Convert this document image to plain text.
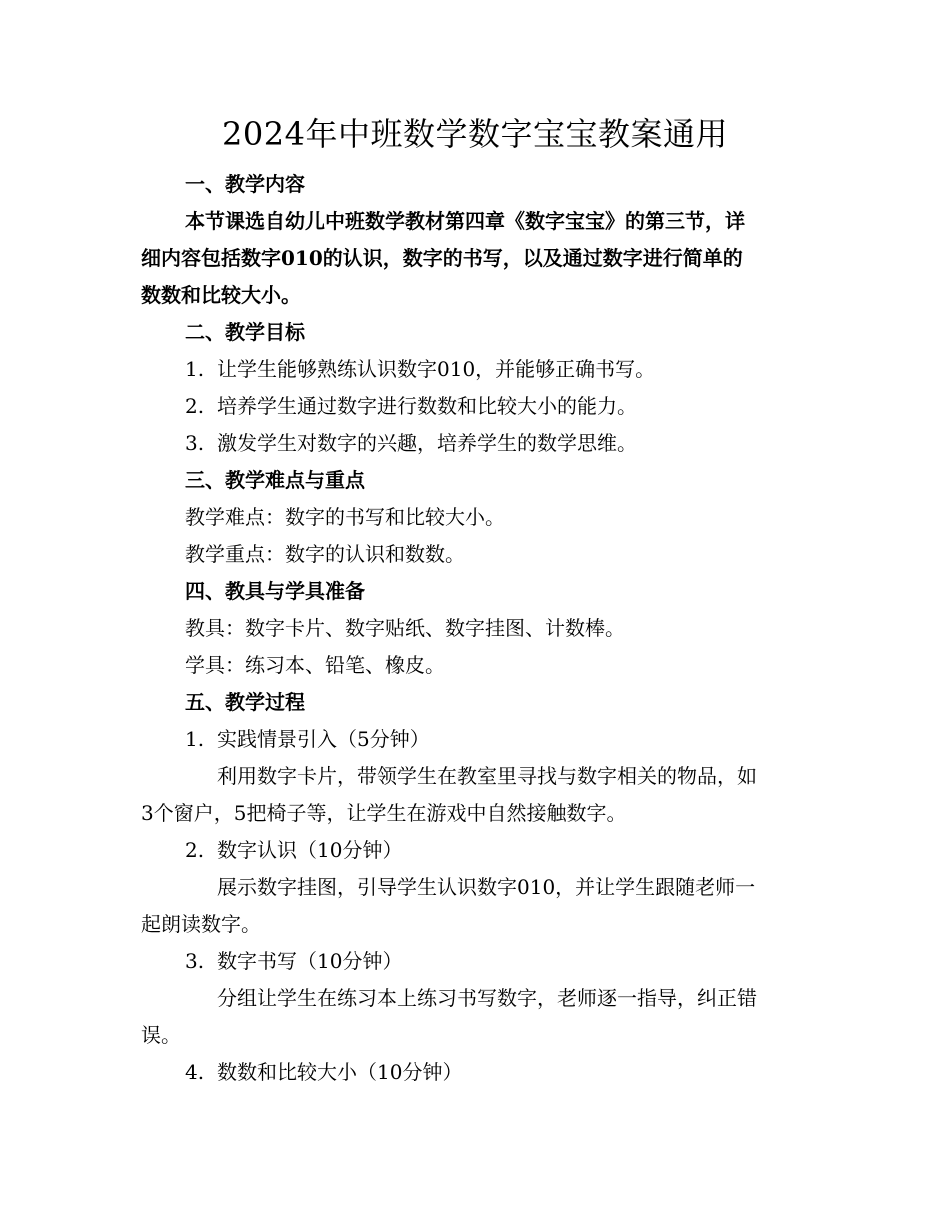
2024年中班数学数字宝宝教案通用
一、教学内容
本节课选自幼儿中班数学教材第四章《数字宝宝》的第三节，详
细内容包括数字010的认识，数字的书写，以及通过数字进行简单的
数数和比较大小。
二、教学目标
1. 让学生能够熟练认识数字010，并能够正确书写。
2. 培养学生通过数字进行数数和比较大小的能力。
3. 激发学生对数字的兴趣，培养学生的数学思维。
三、教学难点与重点
教学难点：数字的书写和比较大小。
教学重点：数字的认识和数数。
四、教具与学具准备
教具：数字卡片、数字贴纸、数字挂图、计数棒。
学具：练习本、铅笔、橡皮。
五、教学过程
1. 实践情景引入（5分钟）
利用数字卡片，带领学生在教室里寻找与数字相关的物品，如
3个窗户，5把椅子等，让学生在游戏中自然接触数字。
2. 数字认识（10分钟）
展示数字挂图，引导学生认识数字010，并让学生跟随老师一
起朗读数字。
3. 数字书写（10分钟）
分组让学生在练习本上练习书写数字，老师逐一指导，纠正错
误。
4. 数数和比较大小（10分钟）
